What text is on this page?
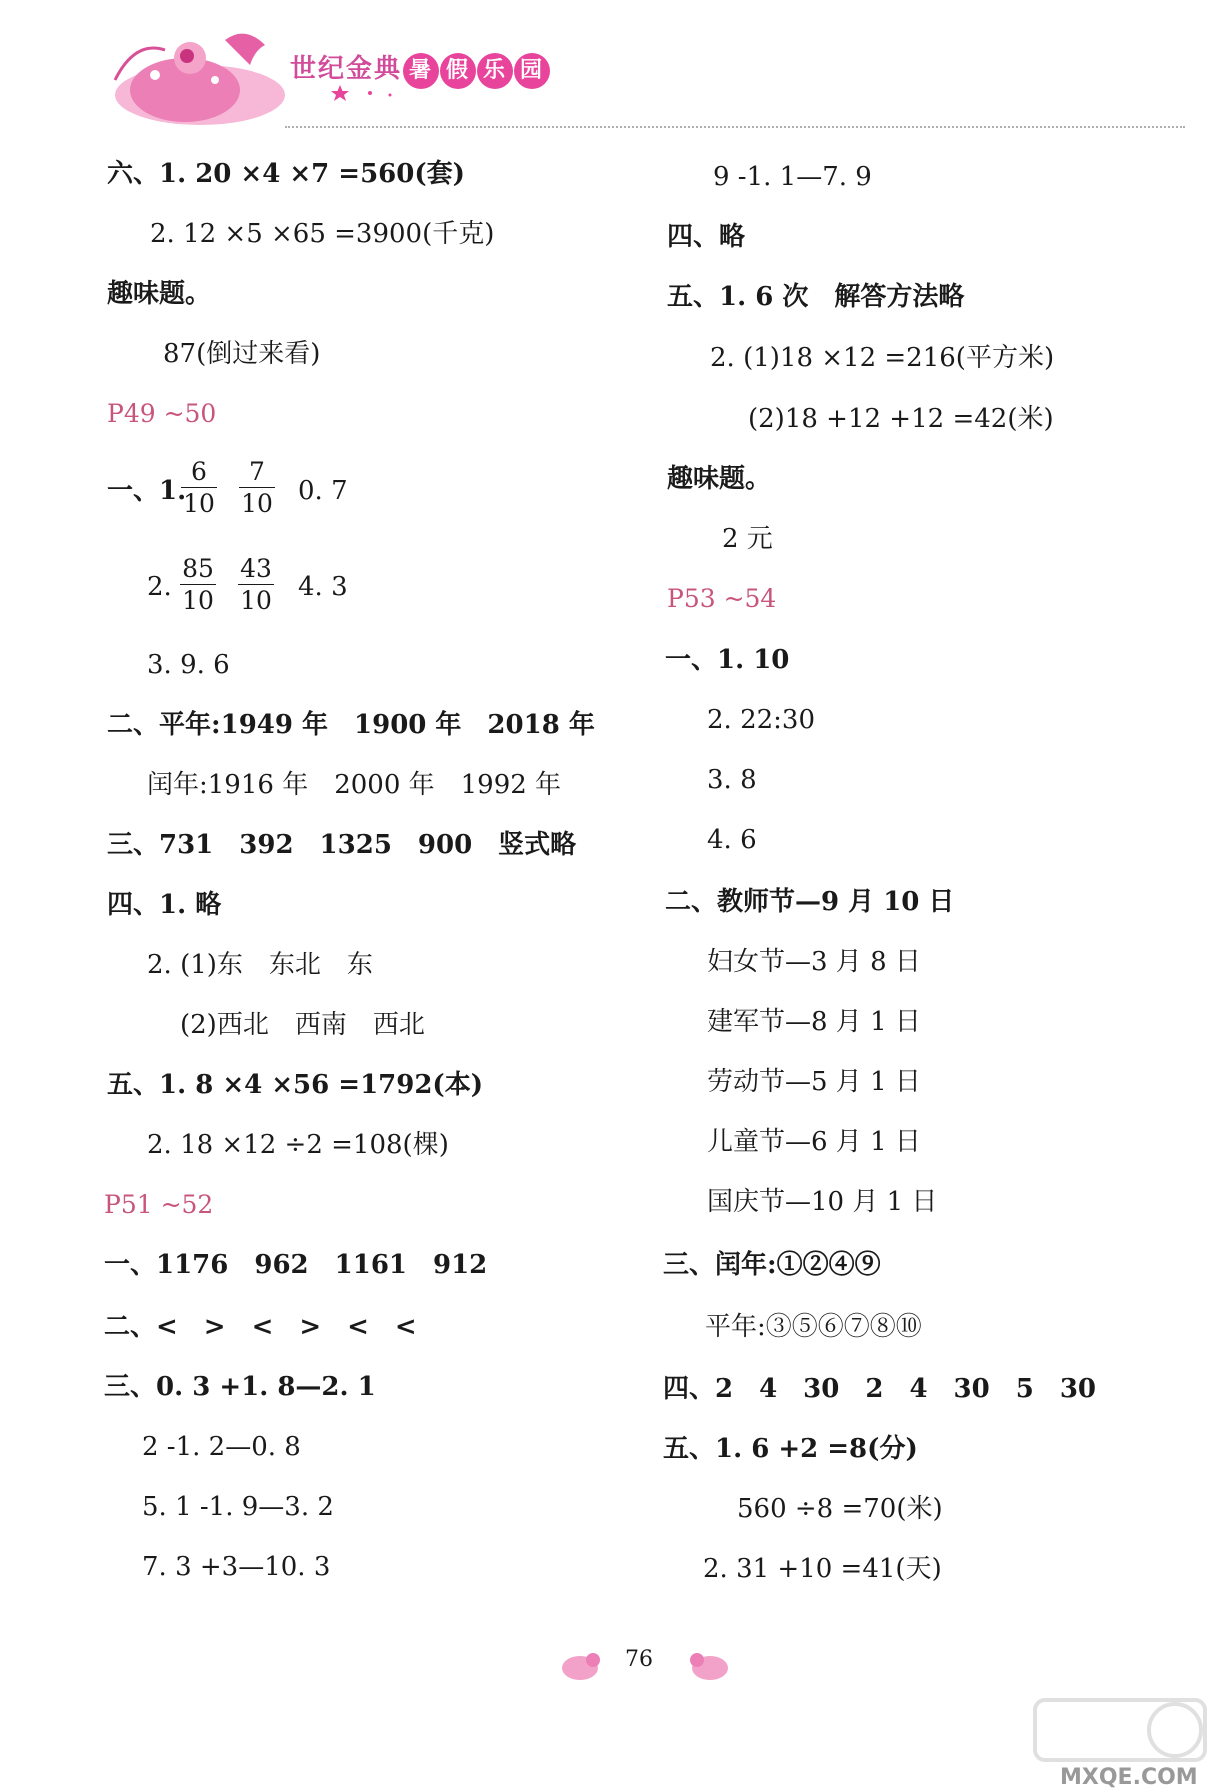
世纪金典 暑 假 乐 园
六、1. 20 ×4 ×7 =560(套)
2. 12 ×5 ×65 =3900(千克)
趣味题。
87(倒过来看)
P49 ~50
一、1.
$\frac{6}{10} \frac{7}{10} 0$. 7
2. $\frac{85}{10} \frac{43}{10} 4$. 3
3. 9. 6
二、平年:1949 年　1900 年　2018 年
闰年:1916 年　2000 年　1992 年
三、731　392　1325　900　竖式略
四、1. 略
2. (1)东　东北　东
(2)西北　西南　西北
五、1. 8 ×4 ×56 =1792(本)
2. 18 ×12 ÷2 =108(棵)
P51 ~52
一、1176　962　1161　912
二、<　>　<　>　<　<
三、0. 3 +1. 8—2. 1
2 -1. 2—0. 8
5. 1 -1. 9—3. 2
7. 3 +3—10. 3
9 -1. 1—7. 9
四、略
五、1. 6 次　解答方法略
2. (1)18 ×12 =216(平方米)
(2)18 +12 +12 =42(米)
趣味题。
2 元
P53 ~54
一、1. 10
2. 22:30
3. 8
4. 6
二、教师节—9 月 10 日
妇女节—3 月 8 日
建军节—8 月 1 日
劳动节—5 月 1 日
儿童节—6 月 1 日
国庆节—10 月 1 日
三、闰年:①②④⑨
平年:③⑤⑥⑦⑧⑩
四、2　4　30　2　4　30　5　30
五、1. 6 +2 =8(分)
560 ÷8 =70(米)
2. 31 +10 =41(天)
76
MXQE.COM
